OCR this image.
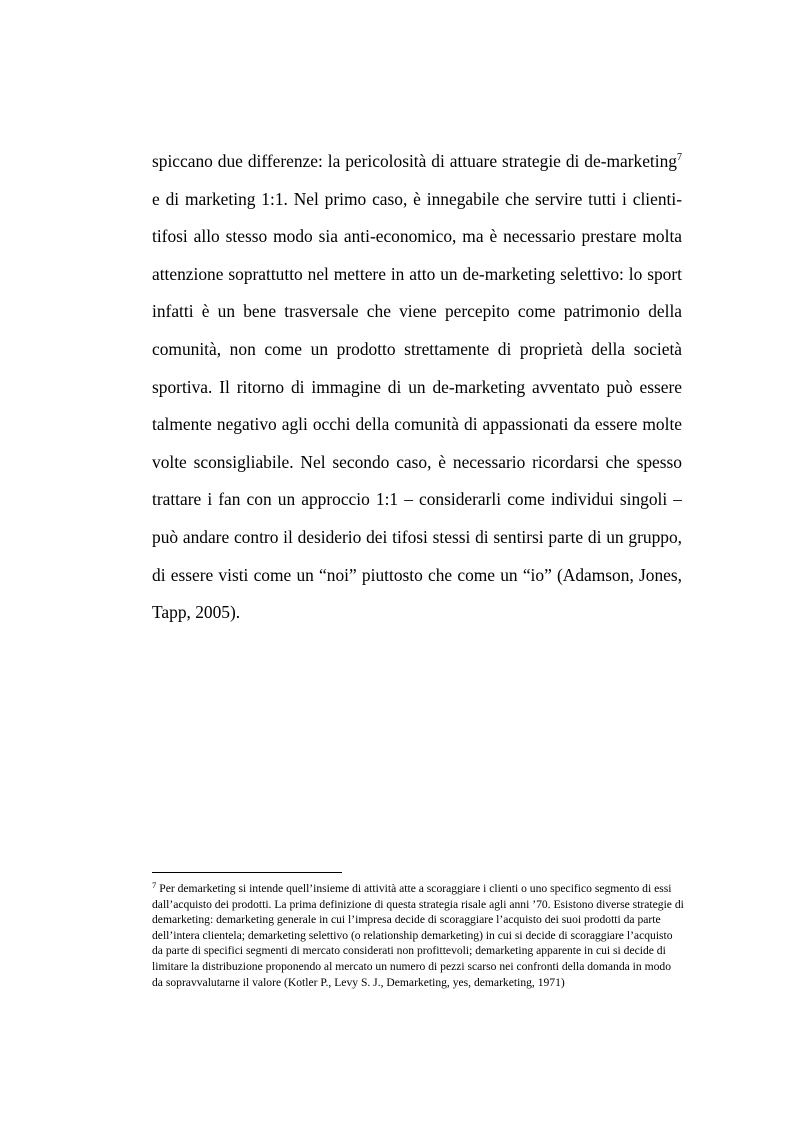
spiccano due differenze: la pericolosità di attuare strategie di de-marketing$^7$ e di marketing 1:1. Nel primo caso, è innegabile che servire tutti i clienti-tifosi allo stesso modo sia anti-economico, ma è necessario prestare molta attenzione soprattutto nel mettere in atto un de-marketing selettivo: lo sport infatti è un bene trasversale che viene percepito come patrimonio della comunità, non come un prodotto strettamente di proprietà della società sportiva. Il ritorno di immagine di un de-marketing avventato può essere talmente negativo agli occhi della comunità di appassionati da essere molte volte sconsigliabile. Nel secondo caso, è necessario ricordarsi che spesso trattare i fan con un approccio 1:1 – considerarli come individui singoli – può andare contro il desiderio dei tifosi stessi di sentirsi parte di un gruppo, di essere visti come un “noi” piuttosto che come un “io” (Adamson, Jones, Tapp, 2005).

$^7$ Per demarketing si intende quell’insieme di attività atte a scoraggiare i clienti o uno specifico segmento di essi dall’acquisto dei prodotti. La prima definizione di questa strategia risale agli anni ’70. Esistono diverse strategie di demarketing: demarketing generale in cui l’impresa decide di scoraggiare l’acquisto dei suoi prodotti da parte dell’intera clientela; demarketing selettivo (o relationship demarketing) in cui si decide di scoraggiare l’acquisto da parte di specifici segmenti di mercato considerati non profittevoli; demarketing apparente in cui si decide di limitare la distribuzione proponendo al mercato un numero di pezzi scarso nei confronti della domanda in modo da sopravvalutarne il valore (Kotler P., Levy S. J., Demarketing, yes, demarketing, 1971)
